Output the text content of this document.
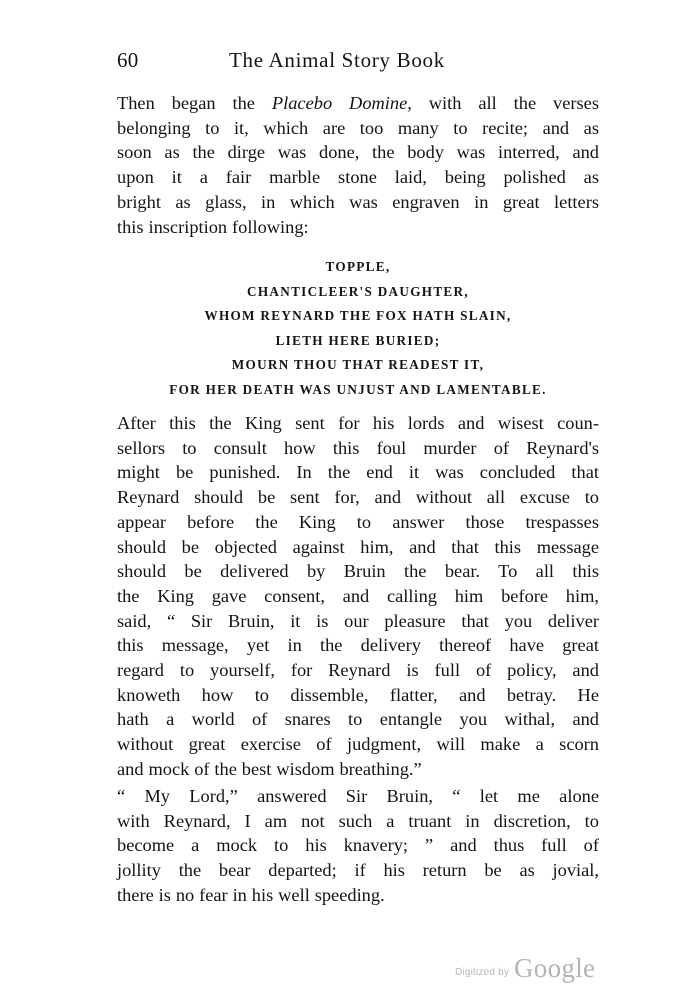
60	The Animal Story Book
Then began the Placebo Domine, with all the verses
belonging to it, which are too many to recite; and as
soon as the dirge was done, the body was interred, and
upon it a fair marble stone laid, being polished as
bright as glass, in which was engraven in great letters
this inscription following:
TOPPLE,
CHANTICLEER'S DAUGHTER,
WHOM REYNARD THE FOX HATH SLAIN,
LIETH HERE BURIED;
MOURN THOU THAT READEST IT,
FOR HER DEATH WAS UNJUST AND LAMENTABLE.
After this the King sent for his lords and wisest coun-
sellors to consult how this foul murder of Reynard's
might be punished. In the end it was concluded that
Reynard should be sent for, and without all excuse to
appear before the King to answer those trespasses
should be objected against him, and that this message
should be delivered by Bruin the bear. To all this
the King gave consent, and calling him before him,
said, “ Sir Bruin, it is our pleasure that you deliver
this message, yet in the delivery thereof have great
regard to yourself, for Reynard is full of policy, and
knoweth how to dissemble, flatter, and betray. He
hath a world of snares to entangle you withal, and
without great exercise of judgment, will make a scorn
and mock of the best wisdom breathing.”
“ My Lord,” answered Sir Bruin, “ let me alone
with Reynard, I am not such a truant in discretion, to
become a mock to his knavery; ” and thus full of
jollity the bear departed; if his return be as jovial,
there is no fear in his well speeding.
Digitized by Google
